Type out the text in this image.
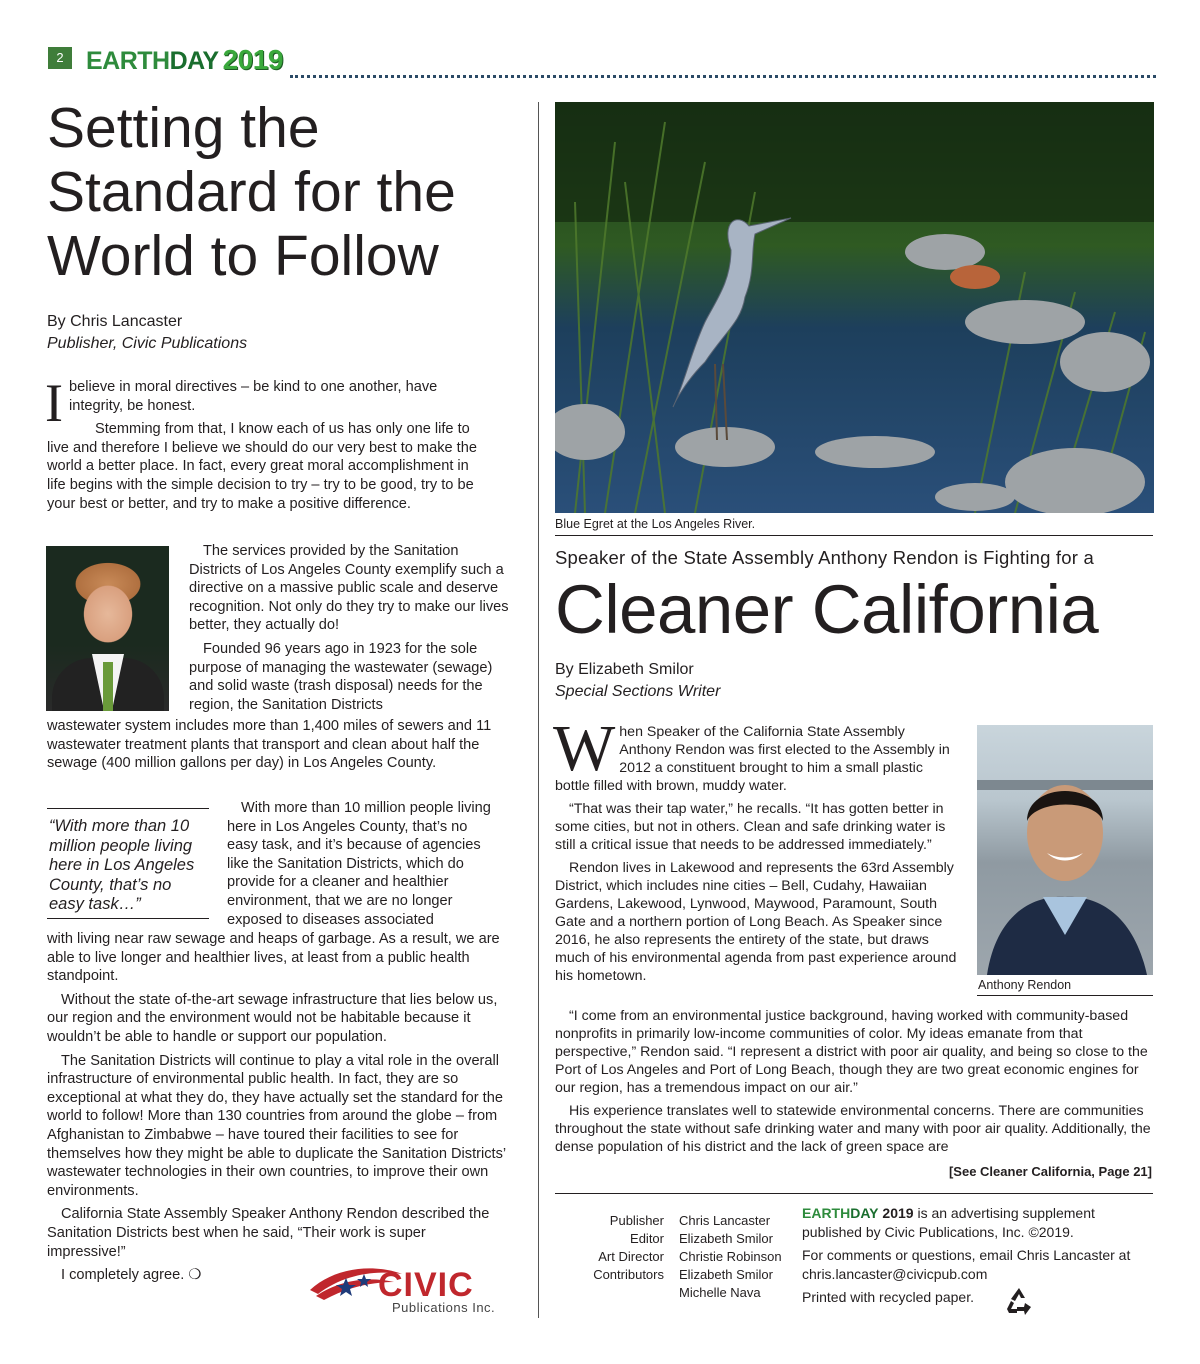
2 EARTHDAY 2019
Setting the
Standard for the
World to Follow
By Chris Lancaster
Publisher, Civic Publications

I believe in moral directives – be kind to one another, have integrity, be honest.

Stemming from that, I know each of us has only one life to live and therefore I believe we should do our very best to make the world a better place. In fact, every great moral accomplishment in life begins with the simple decision to try – try to be good, try to be your best or better, and try to make a positive difference.

The services provided by the Sanitation Districts of Los Angeles County exemplify such a directive on a massive public scale and deserve recognition. Not only do they try to make our lives better, they actually do!

Founded 96 years ago in 1923 for the sole purpose of managing the wastewater (sewage) and solid waste (trash disposal) needs for the region, the Sanitation Districts

wastewater system includes more than 1,400 miles of sewers and 11 wastewater treatment plants that transport and clean about half the sewage (400 million gallons per day) in Los Angeles County.

“With more than 10 million people living here in Los Angeles County, that’s no easy task…”

With more than 10 million people living here in Los Angeles County, that’s no easy task, and it’s because of agencies like the Sanitation Districts, which do provide for a cleaner and healthier environment, that we are no longer exposed to diseases associated

with living near raw sewage and heaps of garbage. As a result, we are able to live longer and healthier lives, at least from a public health standpoint.

Without the state of-the-art sewage infrastructure that lies below us, our region and the environment would not be habitable because it wouldn’t be able to handle or support our population.

The Sanitation Districts will continue to play a vital role in the overall infrastructure of environmental public health. In fact, they are so exceptional at what they do, they have actually set the standard for the world to follow! More than 130 countries from around the globe – from Afghanistan to Zimbabwe – have toured their facilities to see for themselves how they might be able to duplicate the Sanitation Districts’ wastewater technologies in their own countries, to improve their own environments.

California State Assembly Speaker Anthony Rendon described the Sanitation Districts best when he said, “Their work is super impressive!”

I completely agree. ❍	CIVIC
Publications Inc.
Blue Egret at the Los Angeles River.
Speaker of the State Assembly Anthony Rendon is Fighting for a
Cleaner California
By Elizabeth Smilor
Special Sections Writer

W hen Speaker of the California State Assembly Anthony Rendon was first elected to the Assembly in 2012 a constituent brought to him a small plastic bottle filled with brown, muddy water.

“That was their tap water,” he recalls. “It has gotten better in some cities, but not in others. Clean and safe drinking water is still a critical issue that needs to be addressed immediately.”

Rendon lives in Lakewood and represents the 63rd Assembly District, which includes nine cities – Bell, Cudahy, Hawaiian Gardens, Lakewood, Lynwood, Maywood, Paramount, South Gate and a northern portion of Long Beach. As Speaker since 2016, he also represents the entirety of the state, but draws much of his environmental agenda from past experience around his hometown.

Anthony Rendon

“I come from an environmental justice background, having worked with community-based nonprofits in primarily low-income communities of color. My ideas emanate from that perspective,” Rendon said. “I represent a district with poor air quality, and being so close to the Port of Los Angeles and Port of Long Beach, though they are two great economic engines for our region, has a tremendous impact on our air.”

His experience translates well to statewide environmental concerns. There are communities throughout the state without safe drinking water and many with poor air quality. Additionally, the dense population of his district and the lack of green space are

[See Cleaner California, Page 21]
Publisher
Editor
Art Director
Contributors
Chris Lancaster
Elizabeth Smilor
Christie Robinson
Elizabeth Smilor
Michelle Nava
EARTHDAY 2019 is an advertising supplement published by Civic Publications, Inc. ©2019.
For comments or questions, email Chris Lancaster at chris.lancaster@civicpub.com
Printed with recycled paper.
